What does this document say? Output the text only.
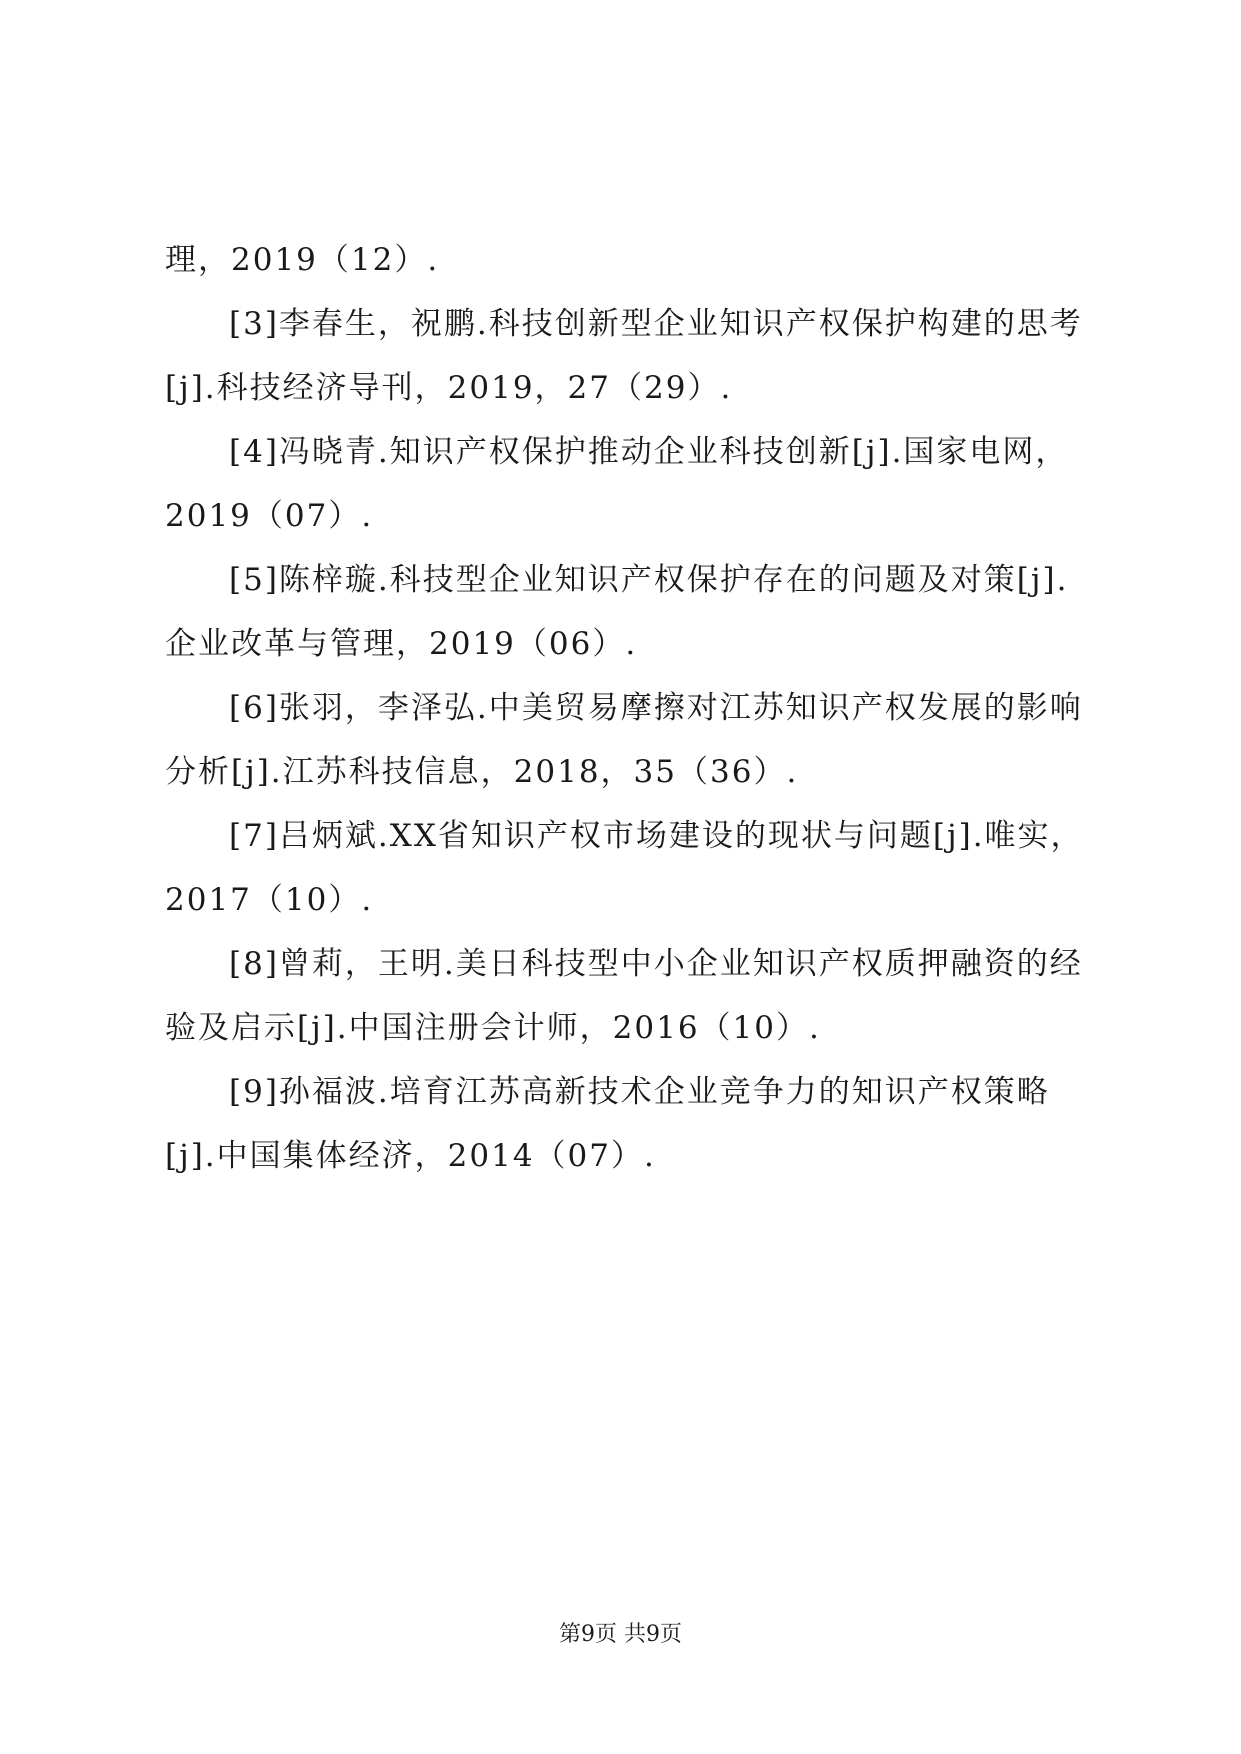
理，2019（12）.
[3]李春生，祝鹏.科技创新型企业知识产权保护构建的思考
[j].科技经济导刊，2019，27（29）.
[4]冯晓青.知识产权保护推动企业科技创新[j].国家电网，
2019（07）.
[5]陈梓璇.科技型企业知识产权保护存在的问题及对策[j].
企业改革与管理，2019（06）.
[6]张羽，李泽弘.中美贸易摩擦对江苏知识产权发展的影响
分析[j].江苏科技信息，2018，35（36）.
[7]吕炳斌.XX省知识产权市场建设的现状与问题[j].唯实，
2017（10）.
[8]曾莉，王明.美日科技型中小企业知识产权质押融资的经
验及启示[j].中国注册会计师，2016（10）.
[9]孙福波.培育江苏高新技术企业竞争力的知识产权策略
[j].中国集体经济，2014（07）.
第9页 共9页
